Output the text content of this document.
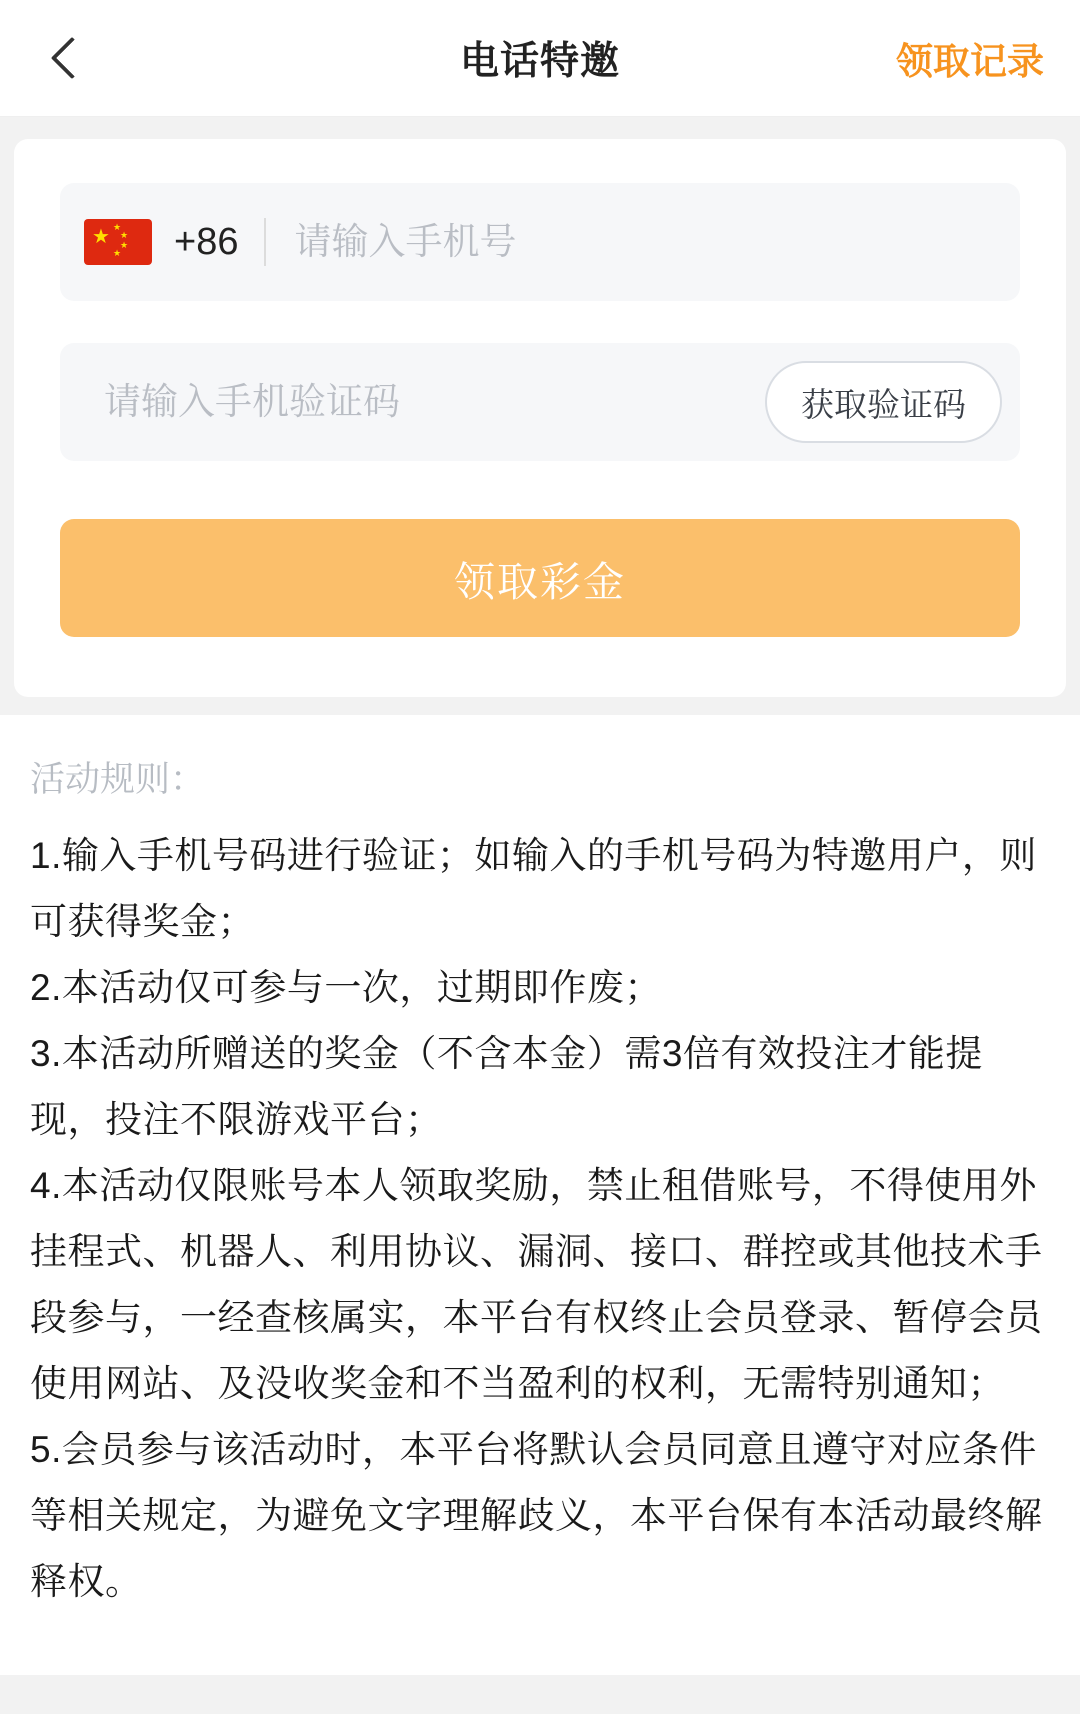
电话特邀	领取记录
★ ★
★
★
★ +86
请输入手机号
请输入手机验证码
获取验证码
领取彩金

活动规则：

1.输入手机号码进行验证；如输入的手机号码为特邀用户，则可获得奖金；

2.本活动仅可参与一次，过期即作废；

3.本活动所赠送的奖金（不含本金）需3倍有效投注才能提现，投注不限游戏平台；

4.本活动仅限账号本人领取奖励，禁止租借账号，不得使用外挂程式、机器人、利用协议、漏洞、接口、群控或其他技术手段参与，一经查核属实，本平台有权终止会员登录、暂停会员使用网站、及没收奖金和不当盈利的权利，无需特别通知；

5.会员参与该活动时，本平台将默认会员同意且遵守对应条件等相关规定，为避免文字理解歧义，本平台保有本活动最终解释权。
